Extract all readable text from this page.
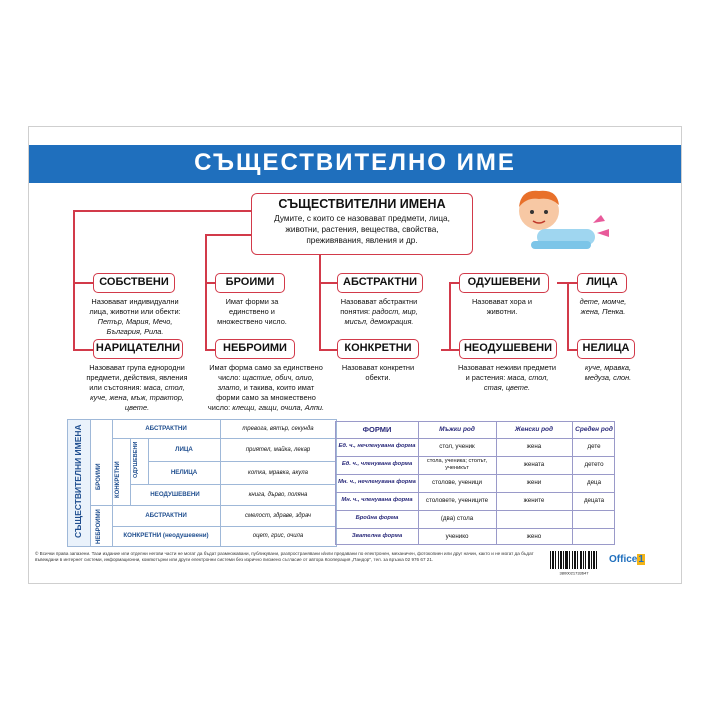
СЪЩЕСТВИТЕЛНО ИМЕ
СЪЩЕСТВИТЕЛНИ ИМЕНА
Думите, с които се назовават предмети, лица, животни, растения, вещества, свойства, преживявания, явления и др.
СОБСТВЕНИ	БРОИМИ	АБСТРАКТНИ	ОДУШЕВЕНИ	ЛИЦА
Назовават индивидуални лица, животни или обекти: Петър, Мария, Мечо, България, Рила.
Имат форми за единствено и множествено число.
Назовават абстрактни понятия: радост, мир, мисъл, демокрация.
Назовават хора и животни.
дете, момче, жена, Пенка.
НАРИЦАТЕЛНИ	НЕБРОИМИ	КОНКРЕТНИ	НЕОДУШЕВЕНИ	НЕЛИЦА
Назовават група еднородни предмети, действия, явления или състояния: маса, стол, куче, жена, мъж, трактор, цвете.
Имат форма само за единствено число: щастие, обич, олио, злато, и такива, които имат форми само за множествено число: клещи, гащи, очила, Алпи.
Назовават конкретни обекти.
Назовават неживи предмети и растения: маса, стол, стая, цвете.
куче, мравка, медуза, слон.
СЪЩЕСТВИТЕЛНИ ИМЕНА БРОИМИ
НЕБРОИМИ
КОНКРЕТНИ
ОДУШЕВЕНИ
АБСТРАКТНИ	тревога, вятър, секунда
ЛИЦА	приятел, майка, лекар
НЕЛИЦА	котка, мравка, акула
НЕОДУШЕВЕНИ	книга, дърво, поляна
АБСТРАКТНИ	смелост, здраве, здрач
КОНКРЕТНИ (неодушевени)	оцет, грис, очила
ФОРМИ	Мъжки род	Женски род	Среден род
Ед. ч., нечленувана форма	стол, ученик	жена	дете
Ед. ч., членувана форма	стола, ученика; столът, ученикът	жената	детето
Мн. ч., нечленувана форма	столове, ученици	жени	деца
Мн. ч., членувана форма	столовете, учениците	жените	децата
Бройна форма	(два) стола
Звателна форма	ученико	жено
© Всички права запазени. Тази издание или отделни негови части не могат да бъдат размножавани, публикувани, разпространявани и/или предавани по електронен, механичен, фотокопиен или друг начин, както и не могат да бъдат въвеждани в интернет системи, информационни, компютърни или други електронни системи без изрично писмено съгласие от автора Кооперация „Пандор", тел. за връзка 02 976 67 21.
3800021733647
Office1
